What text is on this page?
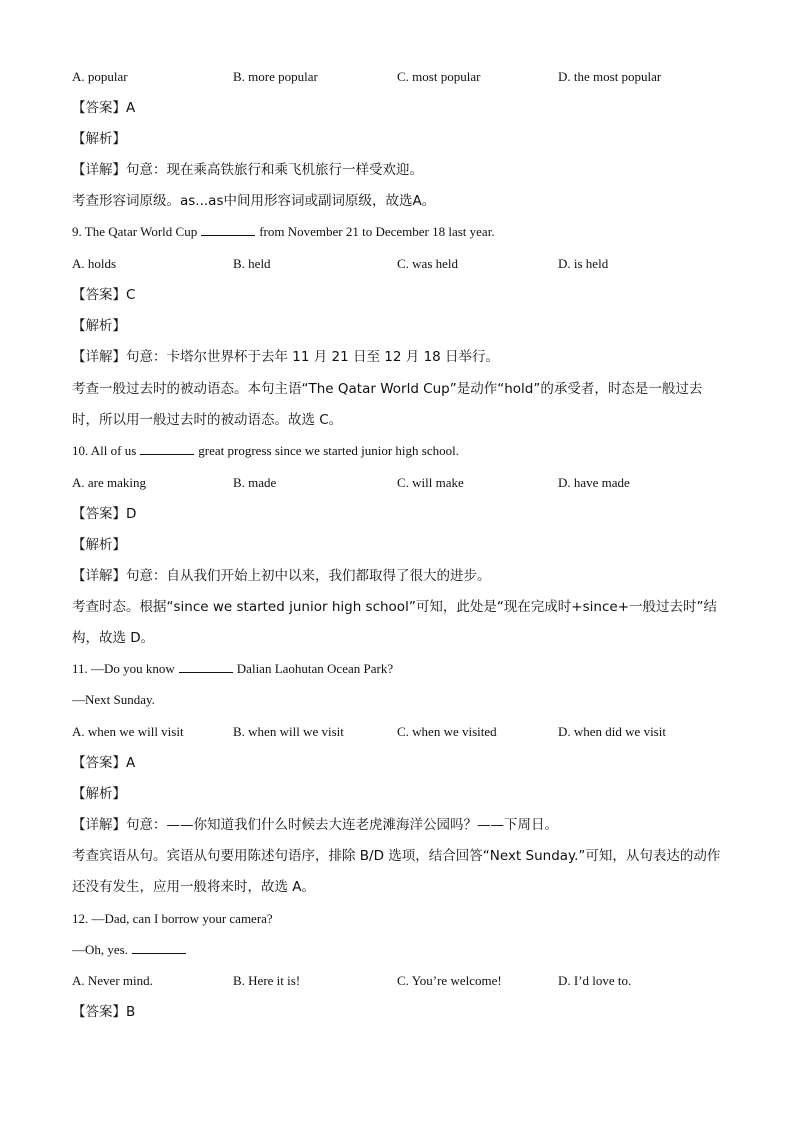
A. popular	B. more popular	C. most popular	D. the most popular
【答案】A
【解析】
【详解】句意：现在乘高铁旅行和乘飞机旅行一样受欢迎。
考查形容词原级。as...as中间用形容词或副词原级，故选A。
9. The Qatar World Cup	from November 21 to December 18 last year.
A. holds	B. held	C. was held	D. is held
【答案】C
【解析】
【详解】句意：卡塔尔世界杯于去年 11 月 21 日至 12 月 18 日举行。
考查一般过去时的被动语态。本句主语“The Qatar World Cup”是动作“hold”的承受者，时态是一般过去时，所以用一般过去时的被动语态。故选 C。
10. All of us	great progress since we started junior high school.
A. are making	B. made	C. will make	D. have made
【答案】D
【解析】
【详解】句意：自从我们开始上初中以来，我们都取得了很大的进步。
考查时态。根据“since we started junior high school”可知，此处是“现在完成时+since+一般过去时”结构，故选 D。
11. —Do you know	Dalian Laohutan Ocean Park?
—Next Sunday.
A. when we will visit	B. when will we visit	C. when we visited	D. when did we visit
【答案】A
【解析】
【详解】句意：——你知道我们什么时候去大连老虎滩海洋公园吗？——下周日。
考查宾语从句。宾语从句要用陈述句语序，排除 B/D 选项，结合回答“Next Sunday.”可知，从句表达的动作还没有发生，应用一般将来时，故选 A。
12. —Dad, can I borrow your camera?
—Oh, yes.
A. Never mind.	B. Here it is!	C. You’re welcome!	D. I’d love to.
【答案】B
